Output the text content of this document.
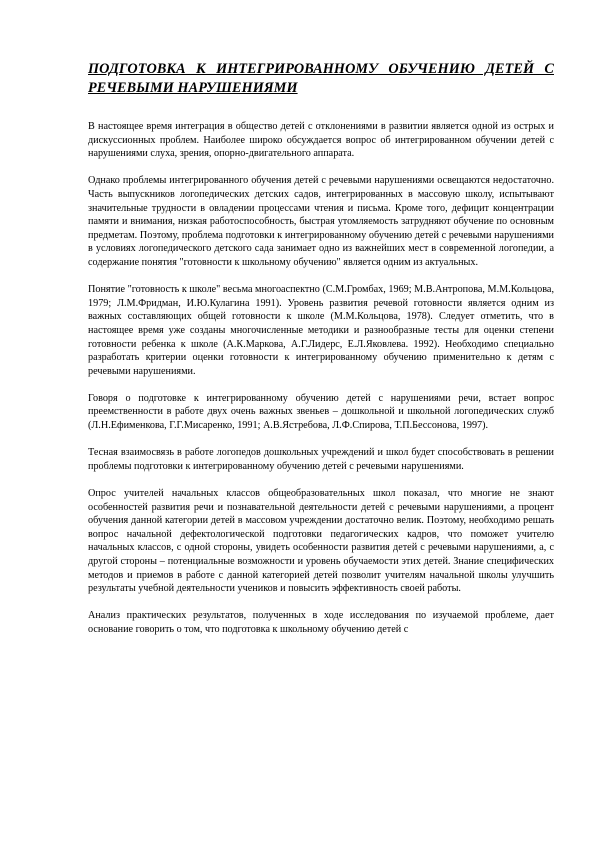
ПОДГОТОВКА К ИНТЕГРИРОВАННОМУ ОБУЧЕНИЮ ДЕТЕЙ С РЕЧЕВЫМИ НАРУШЕНИЯМИ

В настоящее время интеграция в общество детей с отклонениями в развитии является одной из острых и дискуссионных проблем. Наиболее широко обсуждается вопрос об интегрированном обучении детей с нарушениями слуха, зрения, опорно-двигательного аппарата.

Однако проблемы интегрированного обучения детей с речевыми нарушениями освещаются недостаточно. Часть выпускников логопедических детских садов, интегрированных в массовую школу, испытывают значительные трудности в овладении процессами чтения и письма. Кроме того, дефицит концентрации памяти и внимания, низкая работоспособность, быстрая утомляемость затрудняют обучение по основным предметам. Поэтому, проблема подготовки к интегрированному обучению детей с речевыми нарушениями в условиях логопедического детского сада занимает одно из важнейших мест в современной логопедии, а содержание понятия "готовности к школьному обучению" является одним из актуальных.

Понятие "готовность к школе" весьма многоаспектно (С.М.Громбах, 1969; М.В.Антропова, М.М.Кольцова, 1979; Л.М.Фридман, И.Ю.Кулагина 1991). Уровень развития речевой готовности является одним из важных составляющих общей готовности к школе (М.М.Кольцова, 1978). Следует отметить, что в настоящее время уже созданы многочисленные методики и разнообразные тесты для оценки степени готовности ребенка к школе (А.К.Маркова, А.Г.Лидерс, Е.Л.Яковлева. 1992). Необходимо специально разработать критерии оценки готовности к интегрированному обучению применительно к детям с речевыми нарушениями.

Говоря о подготовке к интегрированному обучению детей с нарушениями речи, встает вопрос преемственности в работе двух очень важных звеньев – дошкольной и школьной логопедических служб (Л.Н.Ефименкова, Г.Г.Мисаренко, 1991; А.В.Ястребова, Л.Ф.Спирова, Т.П.Бессонова, 1997).

Тесная взаимосвязь в работе логопедов дошкольных учреждений и школ будет способствовать в решении проблемы подготовки к интегрированному обучению детей с речевыми нарушениями.

Опрос учителей начальных классов общеобразовательных школ показал, что многие не знают особенностей развития речи и познавательной деятельности детей с речевыми нарушениями, а процент обучения данной категории детей в массовом учреждении достаточно велик. Поэтому, необходимо решать вопрос начальной дефектологической подготовки педагогических кадров, что поможет учителю начальных классов, с одной стороны, увидеть особенности развития детей с речевыми нарушениями, а, с другой стороны – потенциальные возможности и уровень обучаемости этих детей. Знание специфических методов и приемов в работе с данной категорией детей позволит учителям начальной школы улучшить результаты учебной деятельности учеников и повысить эффективность своей работы.

Анализ практических результатов, полученных в ходе исследования по изучаемой проблеме, дает основание говорить о том, что подготовка к школьному обучению детей с
